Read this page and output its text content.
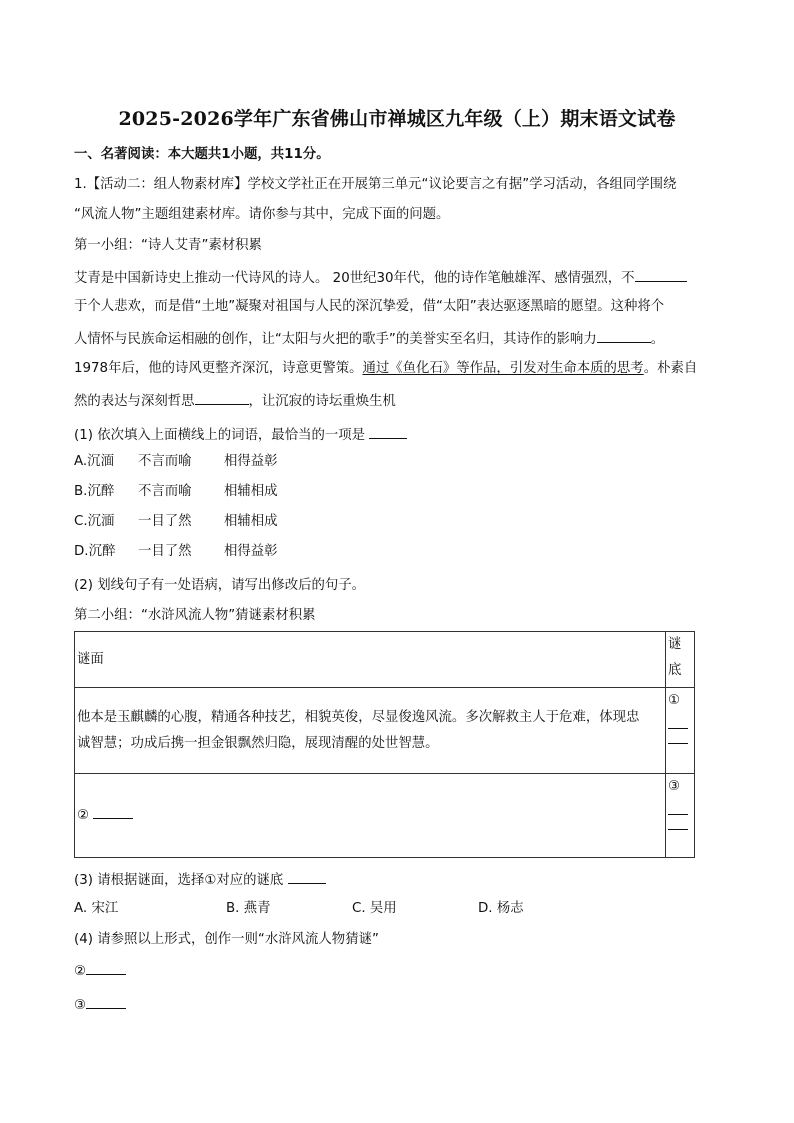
2025-2026学年广东省佛山市禅城区九年级（上）期末语文试卷
一、名著阅读：本大题共1小题，共11分。
1.【活动二：组人物素材库】学校文学社正在开展第三单元“议论要言之有据”学习活动，各组同学围绕
“风流人物”主题组建素材库。请你参与其中，完成下面的问题。
第一小组：“诗人艾青”素材积累
艾青是中国新诗史上推动一代诗风的诗人。 20世纪30年代，他的诗作笔触雄浑、感情强烈，不
于个人悲欢，而是借“土地”凝聚对祖国与人民的深沉挚爱，借“太阳”表达驱逐黑暗的愿望。这种将个
人情怀与民族命运相融的创作，让“太阳与火把的歌手”的美誉实至名归，其诗作的影响力	。
1978年后，他的诗风更整齐深沉，诗意更警策。通过《鱼化石》等作品，引发对生命本质的思考。朴素自
然的表达与深刻哲思	，让沉寂的诗坛重焕生机
(1) 依次填入上面横线上的词语，最恰当的一项是
A.沉湎 不言而喻 相得益彰
B.沉醉 不言而喻 相辅相成
C.沉湎 一目了然 相辅相成
D.沉醉 一目了然 相得益彰
(2) 划线句子有一处语病，请写出修改后的句子。
第二小组：“水浒风流人物”猜谜素材积累
谜面	谜
底

他本是玉麒麟的心腹，精通各种技艺，相貌英俊，尽显俊逸风流。多次解救主人于危难，体现忠
诚智慧；功成后携一担金银飘然归隐，展现清醒的处世智慧。	①

②	③
(3) 请根据谜面，选择①对应的谜底
A. 宋江	B. 燕青	C. 吴用	D. 杨志
(4) 请参照以上形式，创作一则“水浒风流人物猜谜”
②
③
